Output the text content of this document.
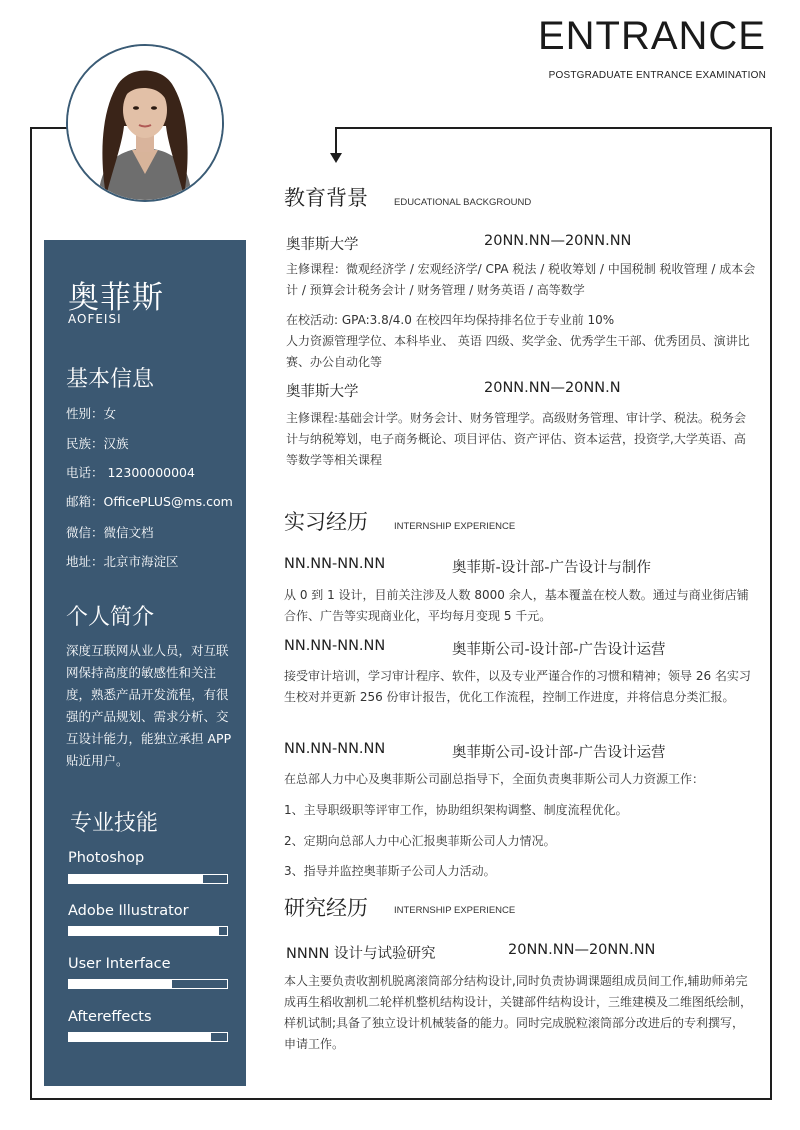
ENTRANCE
POSTGRADUATE ENTRANCE EXAMINATION
奥菲斯
AOFEISI
基本信息
性别：女
民族：汉族
电话： 12300000004
邮箱：OfficePLUS@ms.com
微信：微信文档
地址：北京市海淀区
个人简介
深度互联网从业人员，对互联网保持高度的敏感性和关注度，熟悉产品开发流程，有很强的产品规划、需求分析、交互设计能力，能独立承担 APP 贴近用户。
专业技能
Photoshop
Adobe Illustrator
User Interface
Aftereffects
教育背景	EDUCATIONAL BACKGROUND
奥菲斯大学	20NN.NN—20NN.NN
主修课程：微观经济学 / 宏观经济学/ CPA 税法 / 税收筹划 / 中国税制 税收管理 / 成本会计 / 预算会计税务会计 / 财务管理 / 财务英语 / 高等数学
在校活动: GPA:3.8/4.0 在校四年均保持排名位于专业前 10%
人力资源管理学位、本科毕业、 英语 四级、奖学金、优秀学生干部、优秀团员、演讲比赛、办公自动化等
奥菲斯大学	20NN.NN—20NN.N
主修课程:基础会计学。财务会计、财务管理学。高级财务管理、审计学、税法。税务会计与纳税筹划，电子商务概论、项目评估、资产评估、资本运营，投资学,大学英语、高等数学等相关课程
实习经历	INTERNSHIP EXPERIENCE
NN.NN-NN.NN	奥菲斯-设计部-广告设计与制作
从 0 到 1 设计，目前关注涉及人数 8000 余人，基本覆盖在校人数。通过与商业街店铺合作、广告等实现商业化，平均每月变现 5 千元。
NN.NN-NN.NN	奥菲斯公司-设计部-广告设计运营
接受审计培训，学习审计程序、软件，以及专业严谨合作的习惯和精神；领导 26 名实习生校对并更新 256 份审计报告，优化工作流程，控制工作进度，并将信息分类汇报。
NN.NN-NN.NN	奥菲斯公司-设计部-广告设计运营
在总部人力中心及奥菲斯公司副总指导下，全面负责奥菲斯公司人力资源工作：
1、主导职级职等评审工作，协助组织架构调整、制度流程优化。
2、定期向总部人力中心汇报奥菲斯公司人力情况。
3、指导并监控奥菲斯子公司人力活动。
研究经历	INTERNSHIP EXPERIENCE
NNNN 设计与试验研究	20NN.NN—20NN.NN
本人主要负责收割机脱离滚筒部分结构设计,同时负责协调课题组成员间工作,辅助师弟完成再生稻收割机二轮样机整机结构设计，关键部件结构设计，三维建模及二维图纸绘制，样机试制;具备了独立设计机械装备的能力。同时完成脱粒滚筒部分改进后的专利撰写，申请工作。
